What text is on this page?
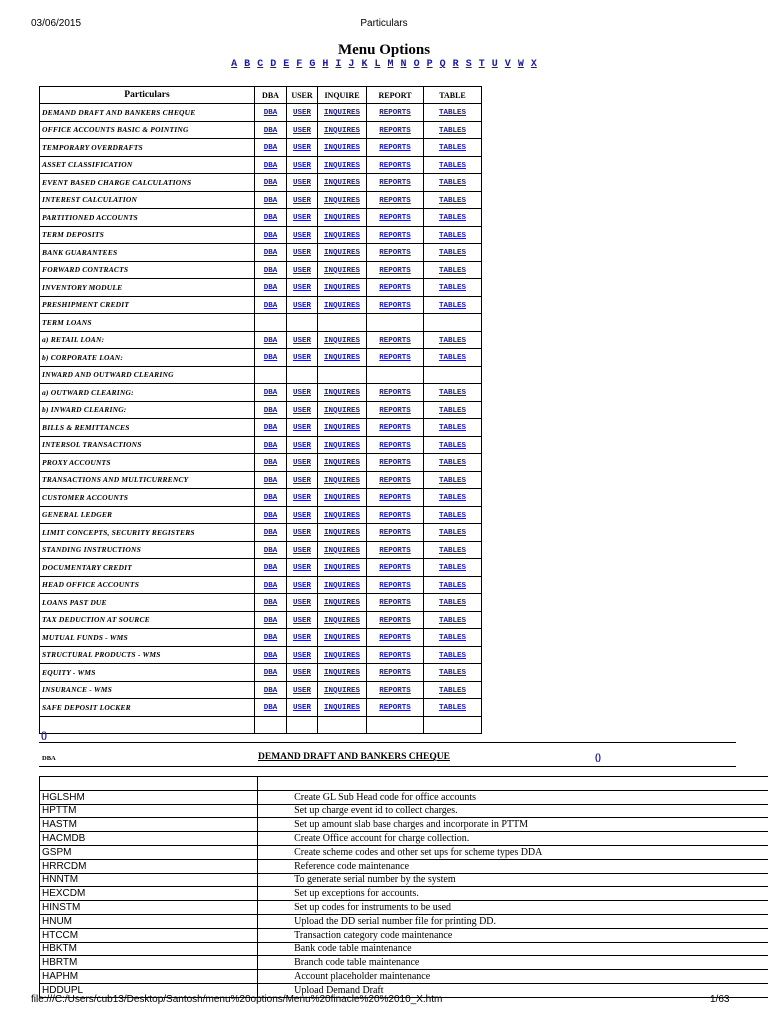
03/06/2015	Particulars
Menu Options
A B C D E F G H I J K L M N O P Q R S T U V W X
Particulars	DBA	USER	INQUIRE	REPORT	TABLE
DEMAND DRAFT AND BANKERS CHEQUE	DBA	USER	INQUIRES	REPORTS	TABLES
OFFICE ACCOUNTS BASIC & POINTING	DBA	USER	INQUIRES	REPORTS	TABLES
TEMPORARY OVERDRAFTS	DBA	USER	INQUIRES	REPORTS	TABLES
ASSET CLASSIFICATION	DBA	USER	INQUIRES	REPORTS	TABLES
EVENT BASED CHARGE CALCULATIONS	DBA	USER	INQUIRES	REPORTS	TABLES
INTEREST CALCULATION	DBA	USER	INQUIRES	REPORTS	TABLES
PARTITIONED ACCOUNTS	DBA	USER	INQUIRES	REPORTS	TABLES
TERM DEPOSITS	DBA	USER	INQUIRES	REPORTS	TABLES
BANK GUARANTEES	DBA	USER	INQUIRES	REPORTS	TABLES
FORWARD CONTRACTS	DBA	USER	INQUIRES	REPORTS	TABLES
INVENTORY MODULE	DBA	USER	INQUIRES	REPORTS	TABLES
PRESHIPMENT CREDIT	DBA	USER	INQUIRES	REPORTS	TABLES
TERM LOANS					
a) RETAIL LOAN:	DBA	USER	INQUIRES	REPORTS	TABLES
b) CORPORATE LOAN:	DBA	USER	INQUIRES	REPORTS	TABLES
INWARD AND OUTWARD CLEARING					
a) OUTWARD CLEARING:	DBA	USER	INQUIRES	REPORTS	TABLES
b) INWARD CLEARING:	DBA	USER	INQUIRES	REPORTS	TABLES
BILLS & REMITTANCES	DBA	USER	INQUIRES	REPORTS	TABLES
INTERSOL TRANSACTIONS	DBA	USER	INQUIRES	REPORTS	TABLES
PROXY ACCOUNTS	DBA	USER	INQUIRES	REPORTS	TABLES
TRANSACTIONS AND MULTICURRENCY	DBA	USER	INQUIRES	REPORTS	TABLES
CUSTOMER ACCOUNTS	DBA	USER	INQUIRES	REPORTS	TABLES
GENERAL LEDGER	DBA	USER	INQUIRES	REPORTS	TABLES
LIMIT CONCEPTS, SECURITY REGISTERS	DBA	USER	INQUIRES	REPORTS	TABLES
STANDING INSTRUCTIONS	DBA	USER	INQUIRES	REPORTS	TABLES
DOCUMENTARY CREDIT	DBA	USER	INQUIRES	REPORTS	TABLES
HEAD OFFICE ACCOUNTS	DBA	USER	INQUIRES	REPORTS	TABLES
LOANS PAST DUE	DBA	USER	INQUIRES	REPORTS	TABLES
TAX DEDUCTION AT SOURCE	DBA	USER	INQUIRES	REPORTS	TABLES
MUTUAL FUNDS - WMS	DBA	USER	INQUIRES	REPORTS	TABLES
STRUCTURAL PRODUCTS - WMS	DBA	USER	INQUIRES	REPORTS	TABLES
EQUITY - WMS	DBA	USER	INQUIRES	REPORTS	TABLES
INSURANCE - WMS	DBA	USER	INQUIRES	REPORTS	TABLES
SAFE DEPOSIT LOCKER	DBA	USER	INQUIRES	REPORTS	TABLES

()
DBA	DEMAND DRAFT AND BANKERS CHEQUE	()

HGLSHM	Create GL Sub Head code for office accounts
HPTTM	Set up charge event id to collect charges.
HASTM	Set up amount slab base charges and incorporate in PTTM
HACMDB	Create Office account for charge collection.
GSPM	Create scheme codes and other set ups for scheme types DDA
HRRCDM	Reference code maintenance
HNNTM	To generate serial number by the system
HEXCDM	Set up exceptions for accounts.
HINSTM	Set up codes for instruments to be used
HNUM	Upload the DD serial number file for printing DD.
HTCCM	Transaction category code maintenance
HBKTM	Bank code table maintenance
HBRTM	Branch code table maintenance
HAPHM	Account placeholder maintenance
HDDUPL	Upload Demand Draft
file:///C:/Users/cub13/Desktop/Santosh/menu%20options/Menu%20finacle%20%2010_X.htm	1/63
